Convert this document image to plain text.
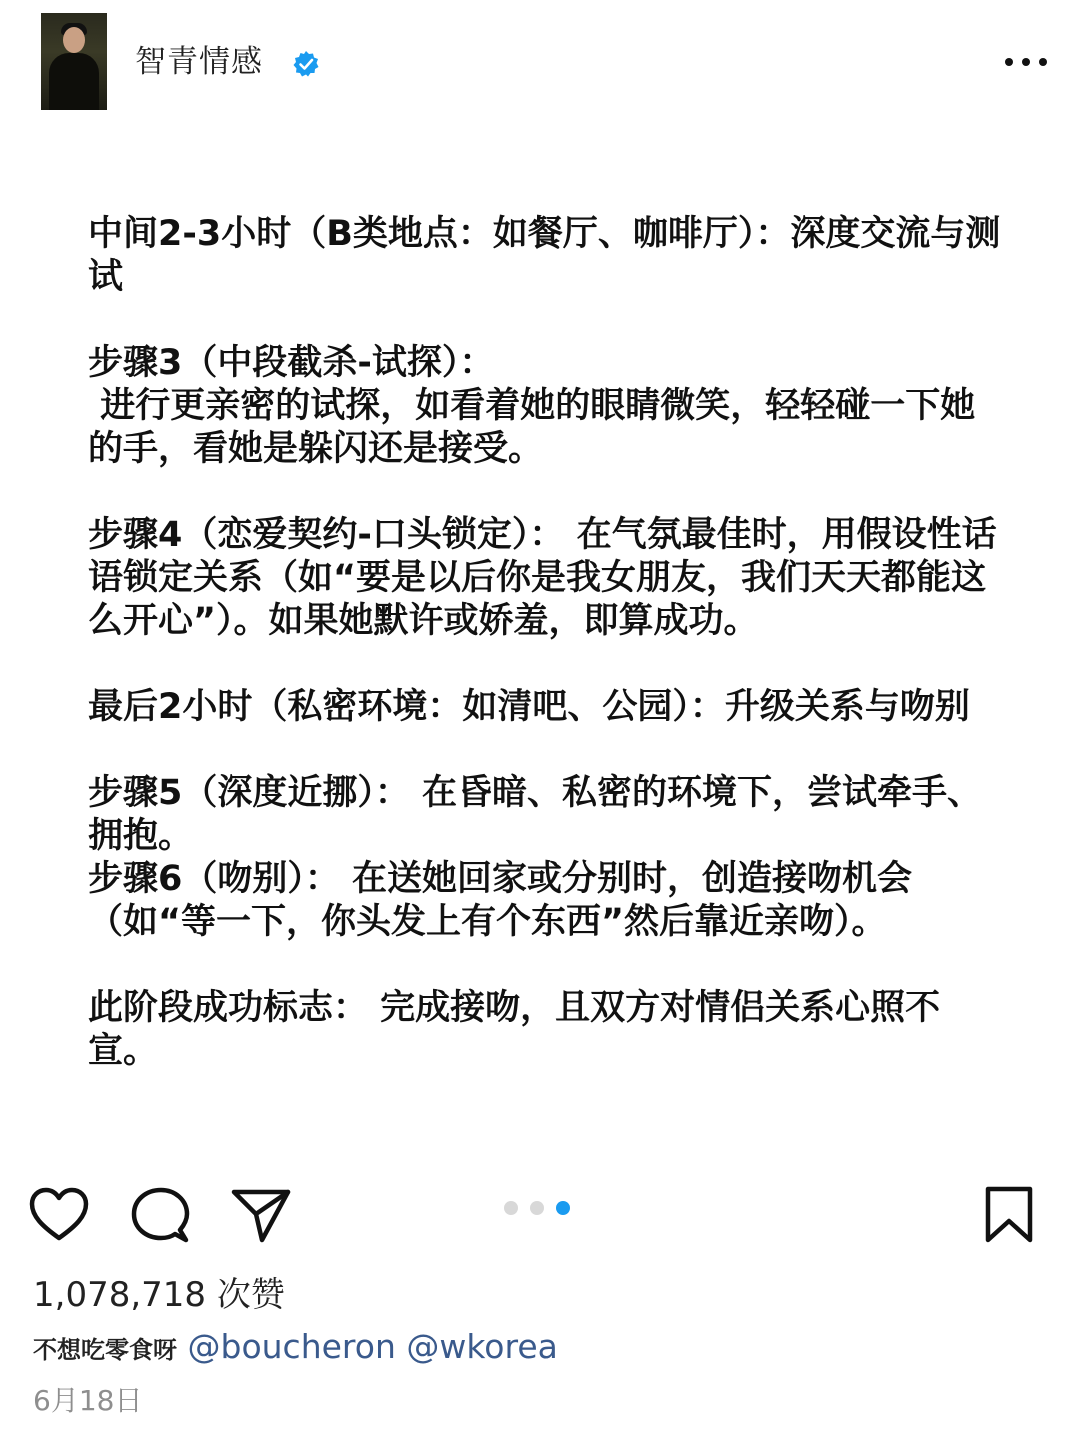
智青情感

中间2-3小时（B类地点：如餐厅、咖啡厅）：深度交流与测试

步骤3（中段截杀-试探）：
进行更亲密的试探，如看着她的眼睛微笑，轻轻碰一下她的手，看她是躲闪还是接受。

步骤4（恋爱契约-口头锁定）： 在气氛最佳时，用假设性话语锁定关系（如“要是以后你是我女朋友，我们天天都能这么开心”）。如果她默许或娇羞，即算成功。

最后2小时（私密环境：如清吧、公园）：升级关系与吻别

步骤5（深度近挪）： 在昏暗、私密的环境下，尝试牵手、拥抱。

步骤6（吻别）： 在送她回家或分别时，创造接吻机会（如“等一下，你头发上有个东西”然后靠近亲吻）。

此阶段成功标志： 完成接吻，且双方对情侣关系心照不宣。

1,078,718 次赞
不想吃零食呀 @boucheron @wkorea
6月18日
